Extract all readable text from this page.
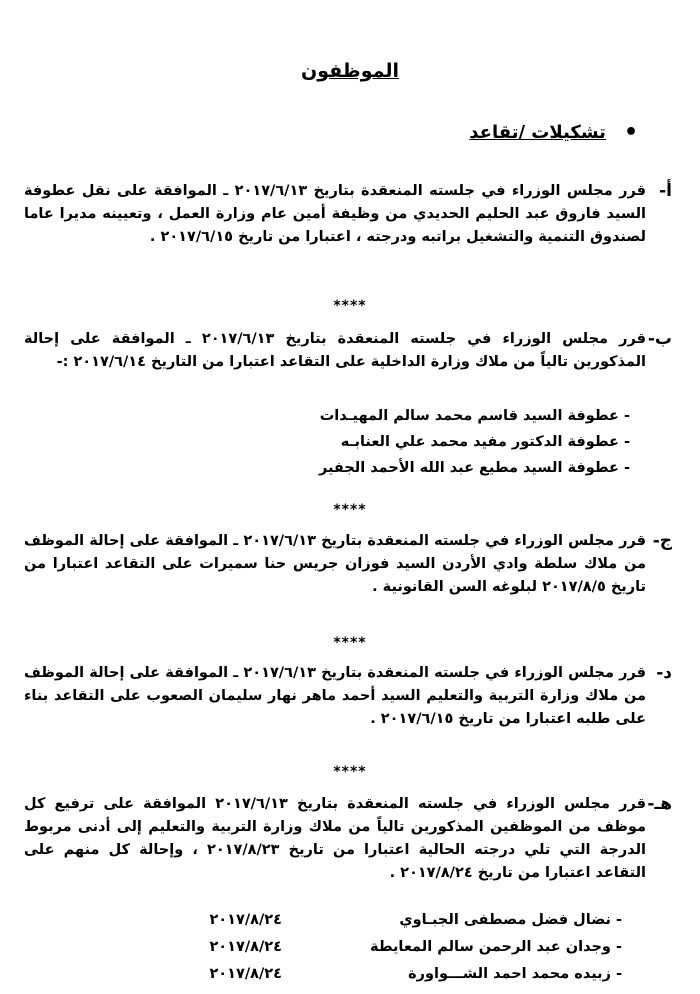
الموظفون
•
تشكيلات /تقاعد
أ-
قرر مجلس الوزراء في جلسته المنعقدة بتاريخ ٢٠١٧/٦/١٣ ـ الموافقة على نقل عطوفة السيد فاروق عبد الحليم الحديدي من وظيفة أمين عام وزارة العمل ، وتعيينه مديرا عاما لصندوق التنمية والتشغيل براتبه ودرجته ، اعتبارا من تاريخ ٢٠١٧/٦/١٥ .
****
ب-
قرر مجلس الوزراء في جلسته المنعقدة بتاريخ ٢٠١٧/٦/١٣ ـ الموافقة على إحالة المذكورين تالياً من ملاك وزارة الداخلية على التقاعد اعتبارا من التاريخ ٢٠١٧/٦/١٤ :-
- عطوفة السيد قاسم محمد سالم المهيـدات
- عطوفة الدكتور مفيد محمد علي العنابـه
- عطوفة السيد مطيع عبد الله الأحمد الجفير
****
ج-
قرر مجلس الوزراء في جلسته المنعقدة بتاريخ ٢٠١٧/٦/١٣ ـ الموافقة على إحالة الموظف من ملاك سلطة وادي الأردن السيد فوزان جريس حنا سميرات على التقاعد اعتبارا من تاريخ ٢٠١٧/٨/٥ لبلوغه السن القانونية .
****
د-
قرر مجلس الوزراء في جلسته المنعقدة بتاريخ ٢٠١٧/٦/١٣ ـ الموافقة على إحالة الموظف من ملاك وزارة التربية والتعليم السيد أحمد ماهر نهار سليمان الصعوب على التقاعد بناء على طلبه اعتبارا من تاريخ ٢٠١٧/٦/١٥ .
****
هـ-
قرر مجلس الوزراء في جلسته المنعقدة بتاريخ ٢٠١٧/٦/١٣ الموافقة على ترفيع كل موظف من الموظفين المذكورين تالياً من ملاك وزارة التربية والتعليم إلى أدنى مربوط الدرجة التي تلي درجته الحالية اعتبارا من تاريخ ٢٠١٧/٨/٢٣ ، وإحالة كل منهم على التقاعد اعتبارا من تاريخ ٢٠١٧/٨/٢٤ .
- نضال فضل مصطفى الجبـاوي	٢٠١٧/٨/٢٤
- وجدان عبد الرحمن سالم المعايطة	٢٠١٧/٨/٢٤
- زبيده محمد احمد الشـــواورة	٢٠١٧/٨/٢٤
